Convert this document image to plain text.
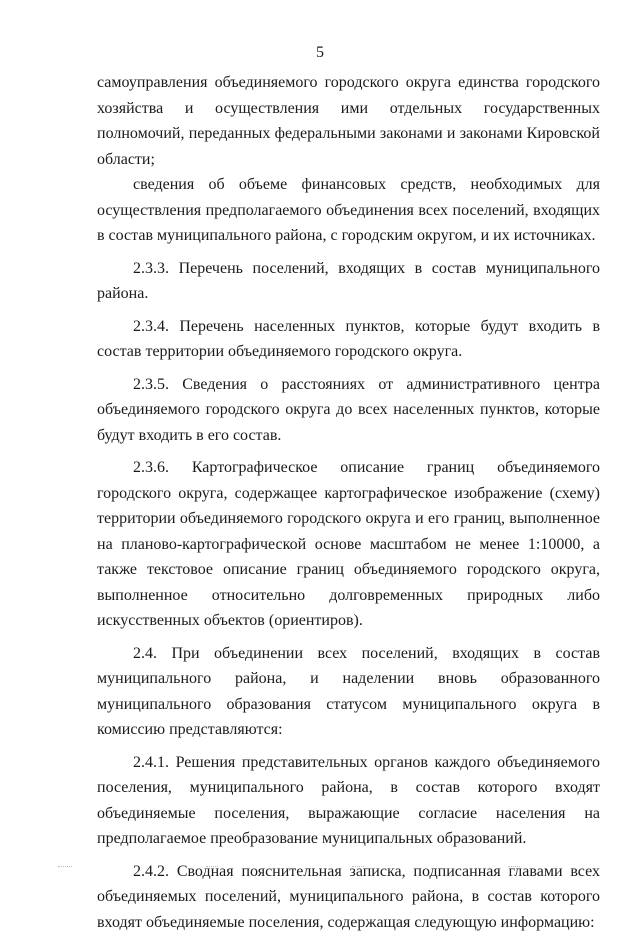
5

самоуправления объединяемого городского округа единства городского хозяйства и осуществления ими отдельных государственных полномочий, переданных федеральными законами и законами Кировской области;

сведения об объеме финансовых средств, необходимых для осуществления предполагаемого объединения всех поселений, входящих в состав муниципального района, с городским округом, и их источниках.

2.3.3. Перечень поселений, входящих в состав муниципального района.

2.3.4. Перечень населенных пунктов, которые будут входить в состав территории объединяемого городского округа.

2.3.5. Сведения о расстояниях от административного центра объединяемого городского округа до всех населенных пунктов, которые будут входить в его состав.

2.3.6. Картографическое описание границ объединяемого городского округа, содержащее картографическое изображение (схему) территории объединяемого городского округа и его границ, выполненное на планово-картографической основе масштабом не менее 1:10000, а также текстовое описание границ объединяемого городского округа, выполненное относительно долговременных природных либо искусственных объектов (ориентиров).

2.4. При объединении всех поселений, входящих в состав муниципального района, и наделении вновь образованного муниципального образования статусом муниципального округа в комиссию представляются:

2.4.1. Решения представительных органов каждого объединяемого поселения, муниципального района, в состав которого входят объединяемые поселения, выражающие согласие населения на предполагаемое преобразование муниципальных образований.

2.4.2. Сводная пояснительная записка, подписанная главами всех объединяемых поселений, муниципального района, в состав которого входят объединяемые поселения, содержащая следующую информацию:
